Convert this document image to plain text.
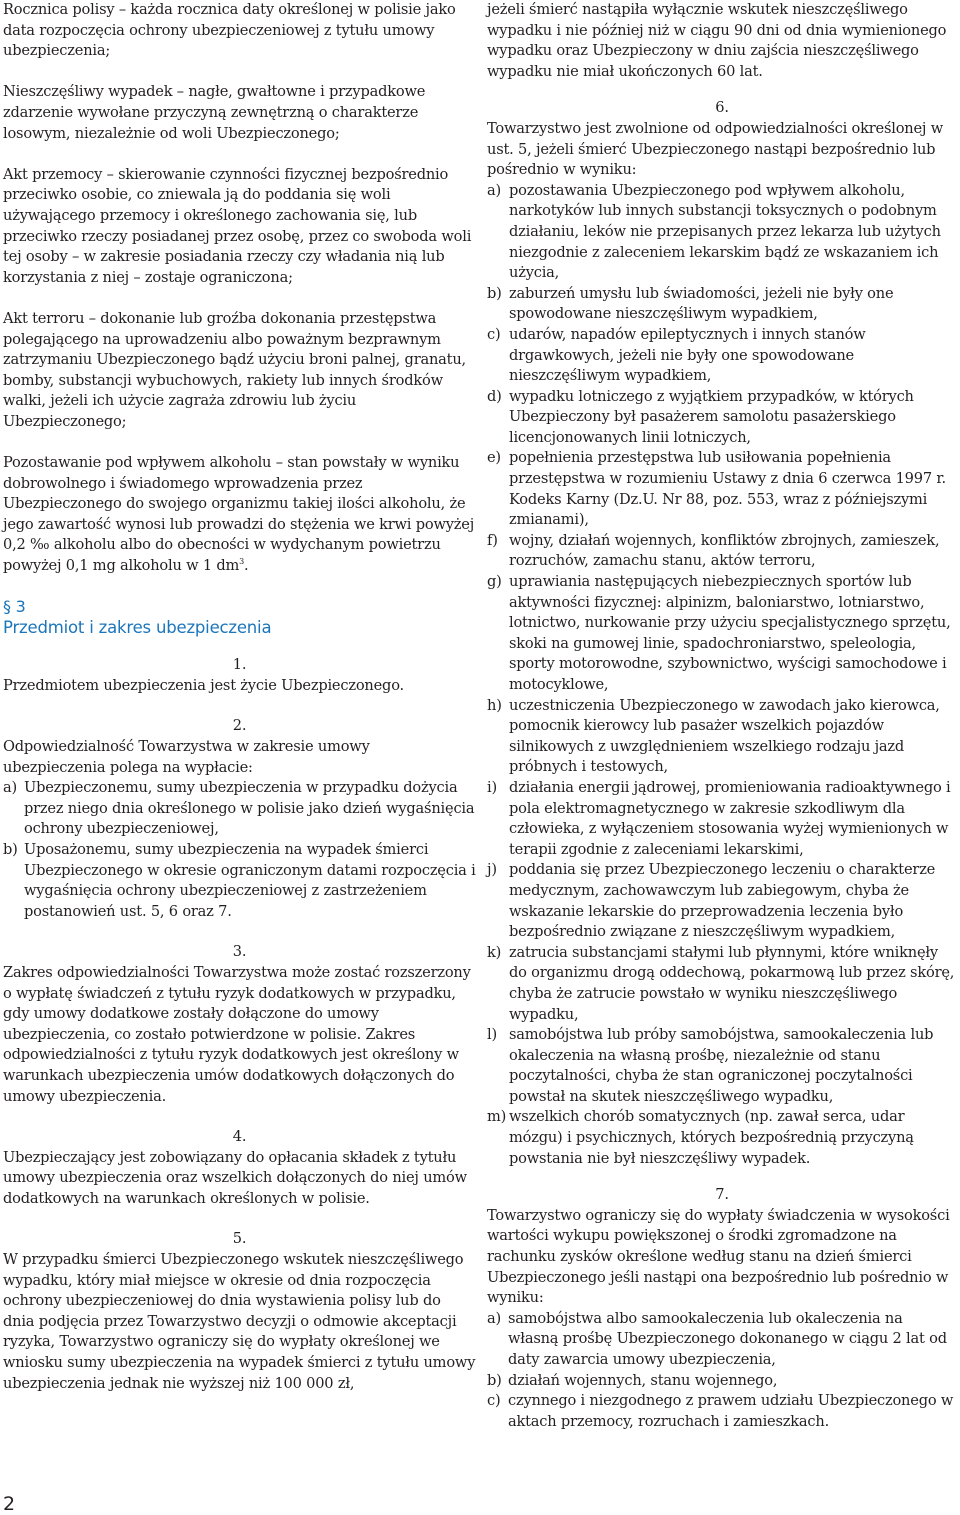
Rocznica polisy – każda rocznica daty określonej w polisie jako data rozpoczęcia ochrony ubezpieczeniowej z tytułu umowy ubezpieczenia;

Nieszczęśliwy wypadek – nagłe, gwałtowne i przypadkowe zdarzenie wywołane przyczyną zewnętrzną o charakterze losowym, niezależnie od woli Ubezpieczonego;

Akt przemocy – skierowanie czynności fizycznej bezpośrednio przeciwko osobie, co zniewala ją do poddania się woli używającego przemocy i określonego zachowania się, lub przeciwko rzeczy posiadanej przez osobę, przez co swoboda woli tej osoby – w zakresie posiadania rzeczy czy władania nią lub korzystania z niej – zostaje ograniczona;

Akt terroru – dokonanie lub groźba dokonania przestępstwa polegającego na uprowadzeniu albo poważnym bezprawnym zatrzymaniu Ubezpieczonego bądź użyciu broni palnej, granatu, bomby, substancji wybuchowych, rakiety lub innych środków walki, jeżeli ich użycie zagraża zdrowiu lub życiu Ubezpieczonego;

Pozostawanie pod wpływem alkoholu – stan powstały w wyniku dobrowolnego i świadomego wprowadzenia przez Ubezpieczonego do swojego organizmu takiej ilości alkoholu, że jego zawartość wynosi lub prowadzi do stężenia we krwi powyżej 0,2 ‰ alkoholu albo do obecności w wydychanym powietrzu powyżej 0,1 mg alkoholu w 1 $dm^3$.

§ 3
Przedmiot i zakres ubezpieczenia

1.

Przedmiotem ubezpieczenia jest życie Ubezpieczonego.

2.

Odpowiedzialność Towarzystwa w zakresie umowy ubezpieczenia polega na wypłacie:

a) Ubezpieczonemu, sumy ubezpieczenia w przypadku dożycia przez niego dnia określonego w polisie jako dzień wygaśnięcia ochrony ubezpieczeniowej,
b) Uposażonemu, sumy ubezpieczenia na wypadek śmierci Ubezpieczonego w okresie ograniczonym datami rozpoczęcia i wygaśnięcia ochrony ubezpieczeniowej z zastrzeżeniem postanowień ust. 5, 6 oraz 7.

3.

Zakres odpowiedzialności Towarzystwa może zostać rozszerzony o wypłatę świadczeń z tytułu ryzyk dodatkowych w przypadku, gdy umowy dodatkowe zostały dołączone do umowy ubezpieczenia, co zostało potwierdzone w polisie. Zakres odpowiedzialności z tytułu ryzyk dodatkowych jest określony w warunkach ubezpieczenia umów dodatkowych dołączonych do umowy ubezpieczenia.

4.

Ubezpieczający jest zobowiązany do opłacania składek z tytułu umowy ubezpieczenia oraz wszelkich dołączonych do niej umów dodatkowych na warunkach określonych w polisie.

5.

W przypadku śmierci Ubezpieczonego wskutek nieszczęśliwego wypadku, który miał miejsce w okresie od dnia rozpoczęcia ochrony ubezpieczeniowej do dnia wystawienia polisy lub do dnia podjęcia przez Towarzystwo decyzji o odmowie akceptacji ryzyka, Towarzystwo ograniczy się do wypłaty określonej we wniosku sumy ubezpieczenia na wypadek śmierci z tytułu umowy ubezpieczenia jednak nie wyższej niż 100 000 zł,

jeżeli śmierć nastąpiła wyłącznie wskutek nieszczęśliwego wypadku i nie później niż w ciągu 90 dni od dnia wymienionego wypadku oraz Ubezpieczony w dniu zajścia nieszczęśliwego wypadku nie miał ukończonych 60 lat.

6.

Towarzystwo jest zwolnione od odpowiedzialności określonej w ust. 5, jeżeli śmierć Ubezpieczonego nastąpi bezpośrednio lub pośrednio w wyniku:

a) pozostawania Ubezpieczonego pod wpływem alkoholu, narkotyków lub innych substancji toksycznych o podobnym działaniu, leków nie przepisanych przez lekarza lub użytych niezgodnie z zaleceniem lekarskim bądź ze wskazaniem ich użycia,
b) zaburzeń umysłu lub świadomości, jeżeli nie były one spowodowane nieszczęśliwym wypadkiem,
c) udarów, napadów epileptycznych i innych stanów drgawkowych, jeżeli nie były one spowodowane nieszczęśliwym wypadkiem,
d) wypadku lotniczego z wyjątkiem przypadków, w których Ubezpieczony był pasażerem samolotu pasażerskiego licencjonowanych linii lotniczych,
e) popełnienia przestępstwa lub usiłowania popełnienia przestępstwa w rozumieniu Ustawy z dnia 6 czerwca 1997 r. Kodeks Karny (Dz.U. Nr 88, poz. 553, wraz z późniejszymi zmianami),
f) wojny, działań wojennych, konfliktów zbrojnych, zamieszek, rozruchów, zamachu stanu, aktów terroru,
g) uprawiania następujących niebezpiecznych sportów lub aktywności fizycznej: alpinizm, baloniarstwo, lotniarstwo, lotnictwo, nurkowanie przy użyciu specjalistycznego sprzętu, skoki na gumowej linie, spadochroniarstwo, speleologia, sporty motorowodne, szybownictwo, wyścigi samochodowe i motocyklowe,
h) uczestniczenia Ubezpieczonego w zawodach jako kierowca, pomocnik kierowcy lub pasażer wszelkich pojazdów silnikowych z uwzględnieniem wszelkiego rodzaju jazd próbnych i testowych,
i) działania energii jądrowej, promieniowania radioaktywnego i pola elektromagnetycznego w zakresie szkodliwym dla człowieka, z wyłączeniem stosowania wyżej wymienionych w terapii zgodnie z zaleceniami lekarskimi,
j) poddania się przez Ubezpieczonego leczeniu o charakterze medycznym, zachowawczym lub zabiegowym, chyba że wskazanie lekarskie do przeprowadzenia leczenia było bezpośrednio związane z nieszczęśliwym wypadkiem,
k) zatrucia substancjami stałymi lub płynnymi, które wniknęły do organizmu drogą oddechową, pokarmową lub przez skórę, chyba że zatrucie powstało w wyniku nieszczęśliwego wypadku,
l) samobójstwa lub próby samobójstwa, samookaleczenia lub okaleczenia na własną prośbę, niezależnie od stanu poczytalności, chyba że stan ograniczonej poczytalności powstał na skutek nieszczęśliwego wypadku,
m) wszelkich chorób somatycznych (np. zawał serca, udar mózgu) i psychicznych, których bezpośrednią przyczyną powstania nie był nieszczęśliwy wypadek.

7.

Towarzystwo ograniczy się do wypłaty świadczenia w wysokości wartości wykupu powiększonej o środki zgromadzone na rachunku zysków określone według stanu na dzień śmierci Ubezpieczonego jeśli nastąpi ona bezpośrednio lub pośrednio w wyniku:

a) samobójstwa albo samookaleczenia lub okaleczenia na własną prośbę Ubezpieczonego dokonanego w ciągu 2 lat od daty zawarcia umowy ubezpieczenia,
b) działań wojennych, stanu wojennego,
c) czynnego i niezgodnego z prawem udziału Ubezpieczonego w aktach przemocy, rozruchach i zamieszkach.
2
